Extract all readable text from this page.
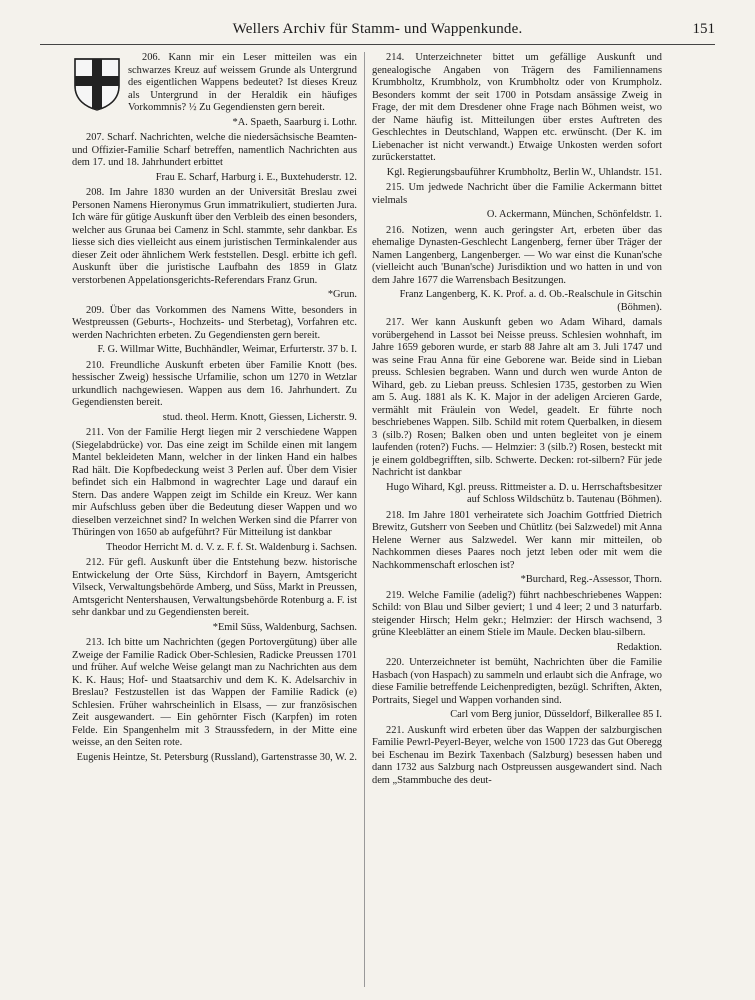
Wellers Archiv für Stamm- und Wappenkunde.	151

206. Kann mir ein Leser mitteilen was ein schwarzes Kreuz auf weissem Grunde als Untergrund des eigentlichen Wappens bedeutet? Ist dieses Kreuz als Untergrund in der Heraldik ein häufiges Vorkommnis? ½ Zu Gegendiensten gern bereit.

*A. Spaeth, Saarburg i. Lothr.

207. Scharf. Nachrichten, welche die niedersächsische Beamten- und Offizier-Familie Scharf betreffen, namentlich Nachrichten aus dem 17. und 18. Jahrhundert erbittet

Frau E. Scharf, Harburg i. E., Buxtehuderstr. 12.

208. Im Jahre 1830 wurden an der Universität Breslau zwei Personen Namens Hieronymus Grun immatrikuliert, studierten Jura. Ich wäre für gütige Auskunft über den Verbleib des einen besonders, welcher aus Grunaa bei Camenz in Schl. stammte, sehr dankbar. Es liesse sich dies vielleicht aus einem juristischen Terminkalender aus dieser Zeit oder ähnlichem Werk feststellen. Desgl. erbitte ich gefl. Auskunft über die juristische Laufbahn des 1859 in Glatz verstorbenen Appelationsgerichts-Referendars Franz Grun.

*Grun.

209. Über das Vorkommen des Namens Witte, besonders in Westpreussen (Geburts-, Hochzeits- und Sterbetag), Vorfahren etc. werden Nachrichten erbeten. Zu Gegendiensten gern bereit.

F. G. Willmar Witte, Buchhändler, Weimar, Erfurterstr. 37 b. I.

210. Freundliche Auskunft erbeten über Familie Knott (bes. hessischer Zweig) hessische Urfamilie, schon um 1270 in Wetzlar urkundlich nachgewiesen. Wappen aus dem 16. Jahrhundert. Zu Gegendiensten bereit.

stud. theol. Herm. Knott, Giessen, Licherstr. 9.

211. Von der Familie Hergt liegen mir 2 verschiedene Wappen (Siegelabdrücke) vor. Das eine zeigt im Schilde einen mit langem Mantel bekleideten Mann, welcher in der linken Hand ein halbes Rad hält. Die Kopfbedeckung weist 3 Perlen auf. Über dem Visier befindet sich ein Halbmond in wagrechter Lage und darauf ein Stern. Das andere Wappen zeigt im Schilde ein Kreuz. Wer kann mir Aufschluss geben über die Bedeutung dieser Wappen und wo dieselben verzeichnet sind? In welchen Werken sind die Pfarrer von Thüringen von 1650 ab aufgeführt? Für Mitteilung ist dankbar

Theodor Herricht M. d. V. z. F. f. St. Waldenburg i. Sachsen.

212. Für gefl. Auskunft über die Entstehung bezw. historische Entwickelung der Orte Süss, Kirchdorf in Bayern, Amtsgericht Vilseck, Verwaltungsbehörde Amberg, und Süss, Markt in Preussen, Amtsgericht Nentershausen, Verwaltungsbehörde Rotenburg a. F. ist sehr dankbar und zu Gegendiensten bereit.

*Emil Süss, Waldenburg, Sachsen.

213. Ich bitte um Nachrichten (gegen Portovergütung) über alle Zweige der Familie Radick Ober-Schlesien, Radicke Preussen 1701 und früher. Auf welche Weise gelangt man zu Nachrichten aus dem K. K. Haus; Hof- und Staatsarchiv und dem K. K. Adelsarchiv in Breslau? Festzustellen ist das Wappen der Familie Radick (e) Schlesien. Früher wahrscheinlich in Elsass, — zur französischen Zeit ausgewandert. — Ein gehörnter Fisch (Karpfen) im roten Felde. Ein Spangenhelm mit 3 Straussfedern, in der Mitte eine weisse, an den Seiten rote.

Eugenis Heintze, St. Petersburg (Russland), Gartenstrasse 30, W. 2.

214. Unterzeichneter bittet um gefällige Auskunft und genealogische Angaben von Trägern des Familiennamens Krumbholtz, Krumbholz, von Krumbholtz oder von Krumpholz. Besonders kommt der seit 1700 in Potsdam ansässige Zweig in Frage, der mit dem Dresdener ohne Frage nach Böhmen weist, wo der Name häufig ist. Mitteilungen über erstes Auftreten des Geschlechtes in Deutschland, Wappen etc. erwünscht. (Der K. im Liebenacher ist nicht verwandt.) Etwaige Unkosten werden sofort zurückerstattet.

Kgl. Regierungsbauführer Krumbholtz, Berlin W., Uhlandstr. 151.

215. Um jedwede Nachricht über die Familie Ackermann bittet vielmals

O. Ackermann, München, Schönfeldstr. 1.

216. Notizen, wenn auch geringster Art, erbeten über das ehemalige Dynasten-Geschlecht Langenberg, ferner über Träger der Namen Langenberg, Langenberger. — Wo war einst die Kunan'sche (vielleicht auch 'Bunan'sche) Jurisdiktion und wo hatten in und von dem Jahre 1677 die Warrensbach Besitzungen.

Franz Langenberg, K. K. Prof. a. d. Ob.-Realschule in Gitschin (Böhmen).

217. Wer kann Auskunft geben wo Adam Wihard, damals vorübergehend in Lassot bei Neisse preuss. Schlesien wohnhaft, im Jahre 1659 geboren wurde, er starb 88 Jahre alt am 3. Juli 1747 und was seine Frau Anna für eine Geborene war. Beide sind in Lieban preuss. Schlesien begraben. Wann und durch wen wurde Anton de Wihard, geb. zu Lieban preuss. Schlesien 1735, gestorben zu Wien am 5. Aug. 1881 als K. K. Major in der adeligen Arcieren Garde, vermählt mit Fräulein von Wedel, geadelt. Er führte noch beschriebenes Wappen. Silb. Schild mit rotem Querbalken, in diesem 3 (silb.?) Rosen; Balken oben und unten begleitet von je einem laufenden (roten?) Fuchs. — Helmzier: 3 (silb.?) Rosen, besteckt mit je einem goldbegrifften, silb. Schwerte. Decken: rot-silbern? Für jede Nachricht ist dankbar

Hugo Wihard, Kgl. preuss. Rittmeister a. D. u. Herrschaftsbesitzer auf Schloss Wildschütz b. Tautenau (Böhmen).

218. Im Jahre 1801 verheiratete sich Joachim Gottfried Dietrich Brewitz, Gutsherr von Seeben und Chütlitz (bei Salzwedel) mit Anna Helene Werner aus Salzwedel. Wer kann mir mitteilen, ob Nachkommen dieses Paares noch jetzt leben oder mit wem die Nachkommenschaft erloschen ist?

*Burchard, Reg.-Assessor, Thorn.

219. Welche Familie (adelig?) führt nachbeschriebenes Wappen: Schild: von Blau und Silber geviert; 1 und 4 leer; 2 und 3 naturfarb. steigender Hirsch; Helm gekr.; Helmzier: der Hirsch wachsend, 3 grüne Kleeblätter an einem Stiele im Maule. Decken blau-silbern.

Redaktion.

220. Unterzeichneter ist bemüht, Nachrichten über die Familie Hasbach (von Haspach) zu sammeln und erlaubt sich die Anfrage, wo diese Familie betreffende Leichenpredigten, bezügl. Schriften, Akten, Portraits, Siegel und Wappen vorhanden sind.

Carl vom Berg junior, Düsseldorf, Bilkerallee 85 I.

221. Auskunft wird erbeten über das Wappen der salzburgischen Familie Pewrl-Peyerl-Beyer, welche von 1500 1723 das Gut Oberegg bei Eschenau im Bezirk Taxenbach (Salzburg) besessen haben und dann 1732 aus Salzburg nach Ostpreussen ausgewandert sind. Nach dem „Stammbuche des deut-
